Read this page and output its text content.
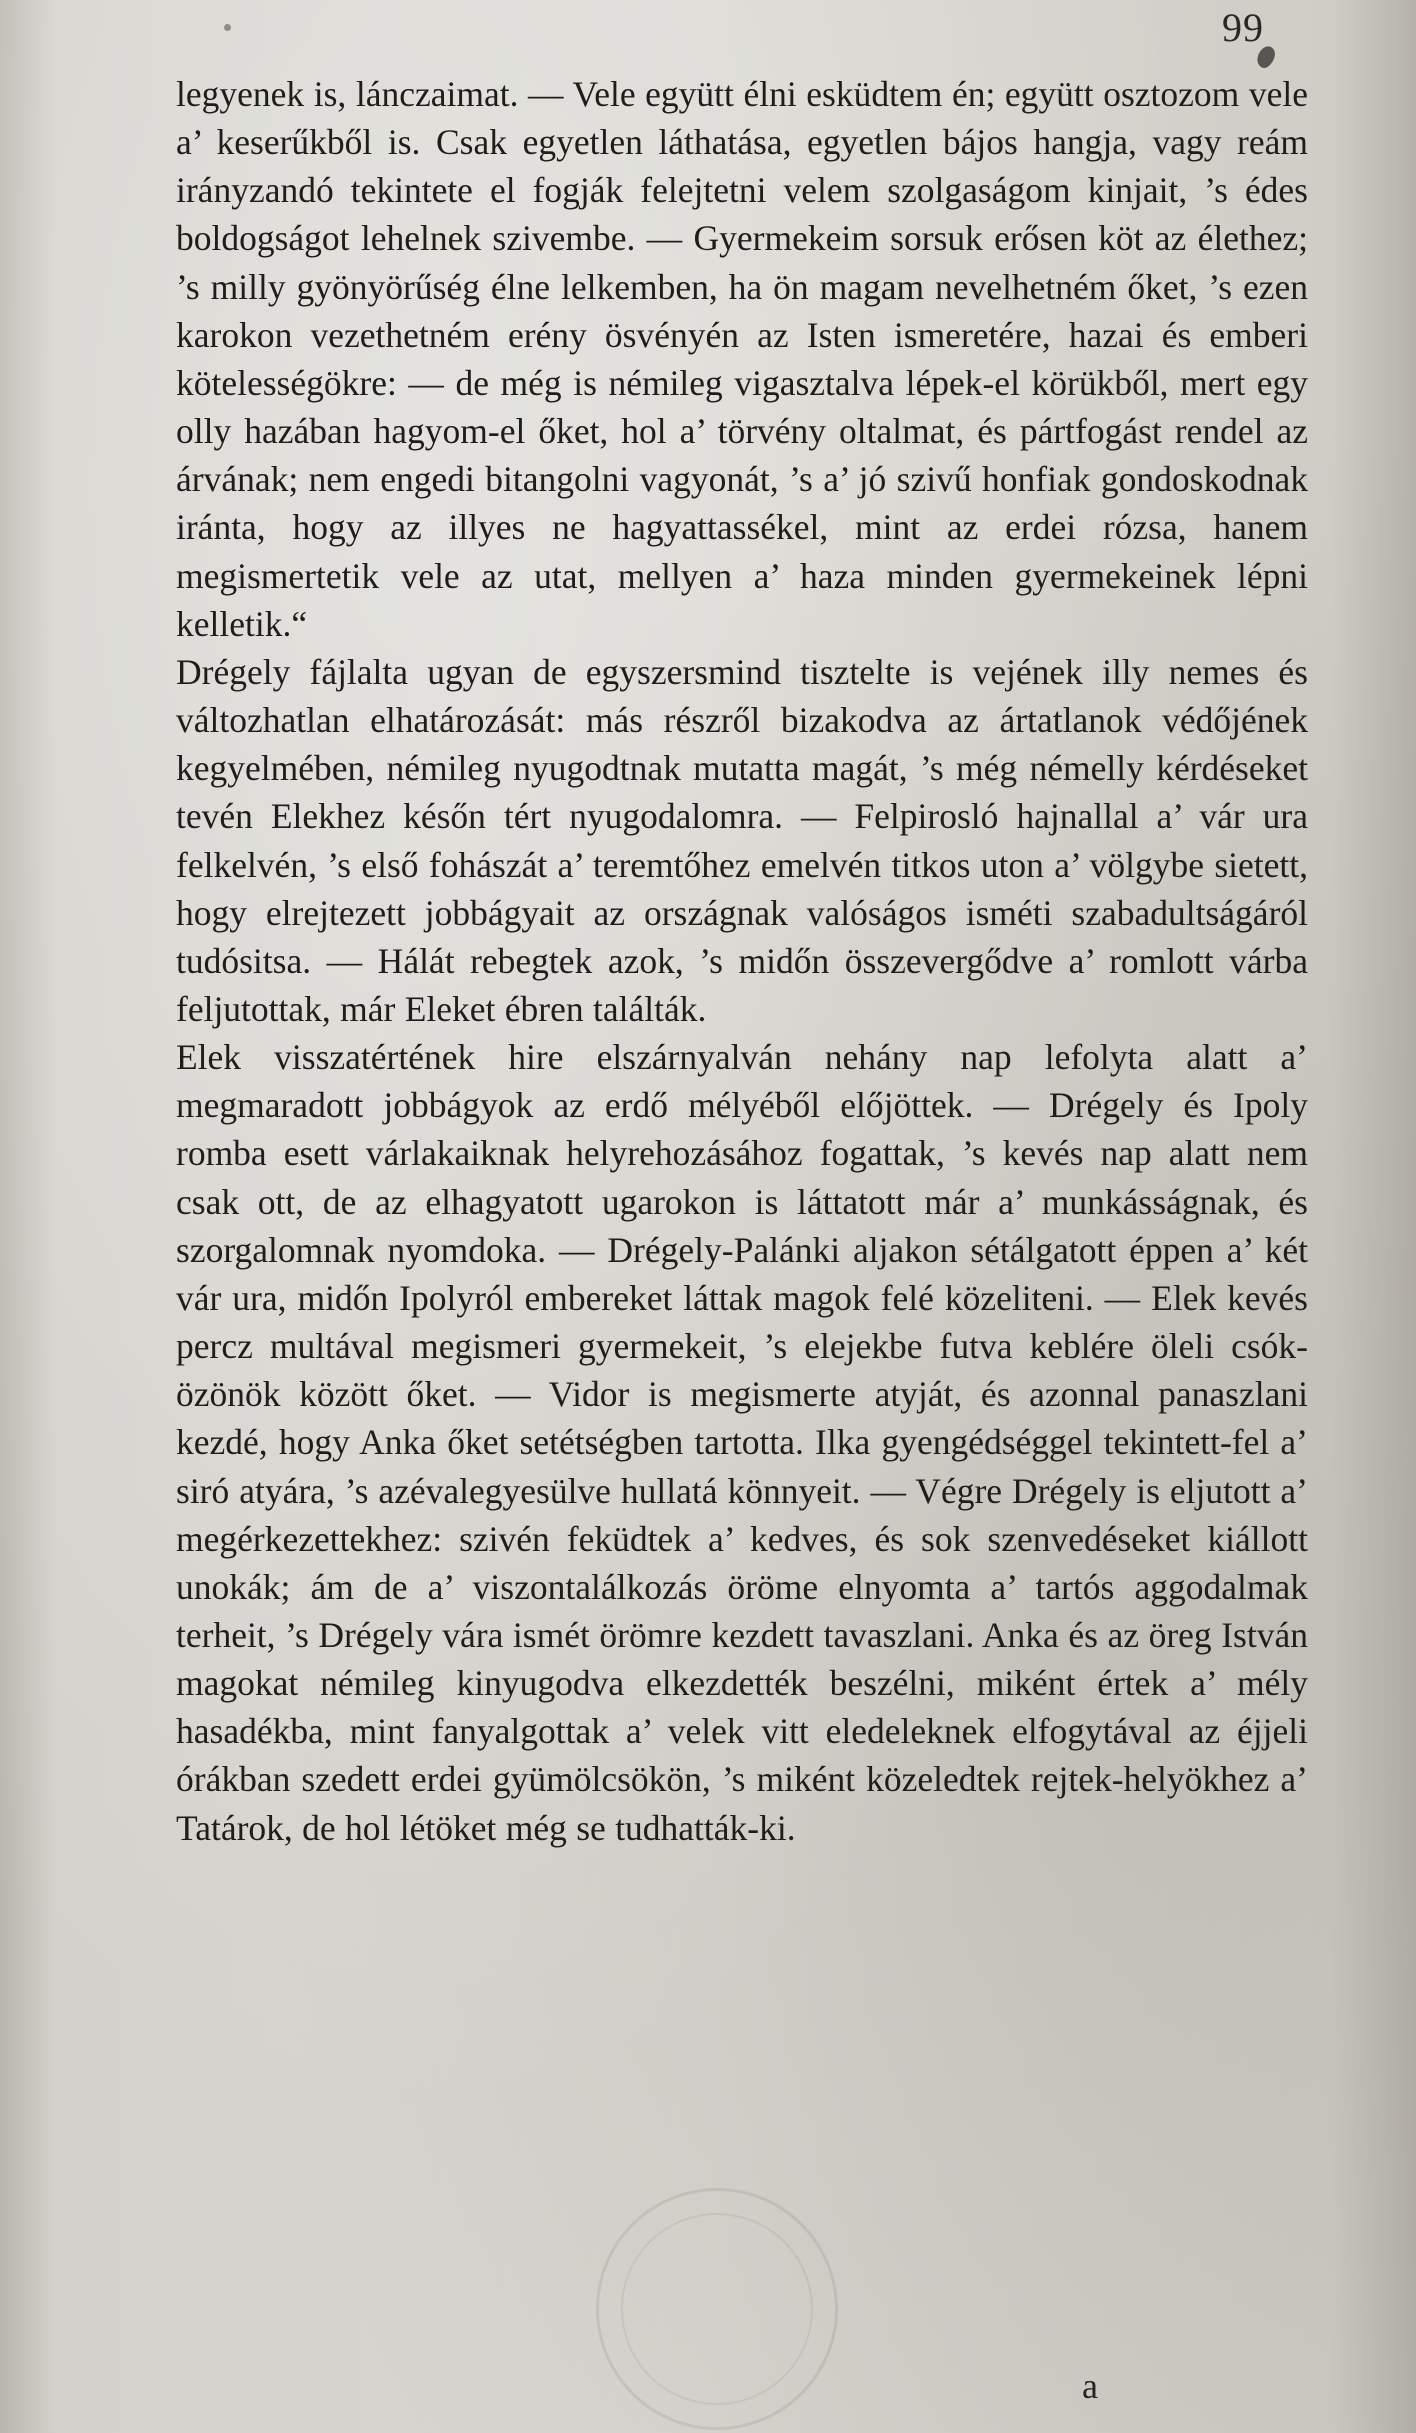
99

legyenek is, lánczaimat. — Vele együtt élni esküdtem én; együtt osztozom vele a’ keserűkből is. Csak egyetlen láthatása, egyetlen bájos hangja, vagy reám irányzandó tekintete el fogják felejtetni velem szolgaságom kinjait, ’s édes boldogságot lehelnek szivembe. — Gyermekeim sorsuk erősen köt az élethez; ’s milly gyönyörűség élne lelkemben, ha ön magam nevelhetném őket, ’s ezen karokon vezethetném erény ösvényén az Isten ismeretére, hazai és emberi kötelességökre: — de még is némileg vigasztalva lépek-el körükből, mert egy olly hazában hagyom-el őket, hol a’ törvény oltalmat, és pártfogást rendel az árvának; nem engedi bitangolni vagyonát, ’s a’ jó szivű honfiak gondoskodnak iránta, hogy az illyes ne hagyattassékel, mint az erdei rózsa, hanem megismertetik vele az utat, mellyen a’ haza minden gyermekeinek lépni kelletik.“

Drégely fájlalta ugyan de egyszersmind tisztelte is vejének illy nemes és változhatlan elhatározását: más részről bizakodva az ártatlanok védőjének kegyelmében, némileg nyugodtnak mutatta magát, ’s még némelly kérdéseket tevén Elekhez későn tért nyugodalomra. — Felpirosló hajnallal a’ vár ura felkelvén, ’s első fohászát a’ teremtőhez emelvén titkos uton a’ völgybe sietett, hogy elrejtezett jobbágyait az országnak valóságos isméti szabadultságáról tudósitsa. — Hálát rebegtek azok, ’s midőn összevergődve a’ romlott várba feljutottak, már Eleket ébren találták.

Elek visszatértének hire elszárnyalván nehány nap lefolyta alatt a’ megmaradott jobbágyok az erdő mélyéből előjöttek. — Drégely és Ipoly romba esett várlakaiknak helyrehozásához fogattak, ’s kevés nap alatt nem csak ott, de az elhagyatott ugarokon is láttatott már a’ munkásságnak, és szorgalomnak nyomdoka. — Drégely-Palánki aljakon sétálgatott éppen a’ két vár ura, midőn Ipolyról embereket láttak magok felé közeliteni. — Elek kevés percz multával megismeri gyermekeit, ’s elejekbe futva keblére öleli csók-özönök között őket. — Vidor is megismerte atyját, és azonnal panaszlani kezdé, hogy Anka őket setétségben tartotta. Ilka gyengédséggel tekintett-fel a’ siró atyára, ’s azévalegyesülve hullatá könnyeit. — Végre Drégely is eljutott a’ megérkezettekhez: szivén feküdtek a’ kedves, és sok szenvedéseket kiállott unokák; ám de a’ viszontalálkozás öröme elnyomta a’ tartós aggodalmak terheit, ’s Drégely vára ismét örömre kezdett tavaszlani. Anka és az öreg István magokat némileg kinyugodva elkezdették beszélni, miként értek a’ mély hasadékba, mint fanyalgottak a’ velek vitt eledeleknek elfogytával az éjjeli órákban szedett erdei gyümölcsökön, ’s miként közeledtek rejtek-helyökhez a’ Tatárok, de hol létöket még se tudhatták-ki.

a
